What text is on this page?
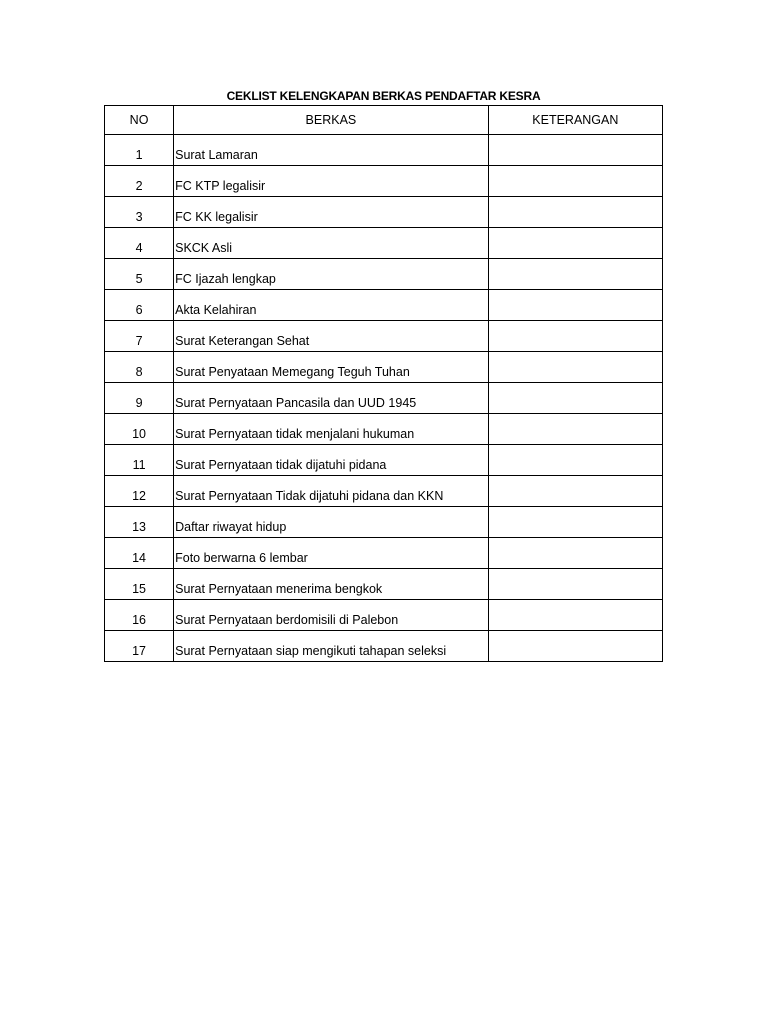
CEKLIST KELENGKAPAN BERKAS PENDAFTAR KESRA
NO	BERKAS	KETERANGAN
1	Surat Lamaran	
2	FC KTP legalisir	
3	FC KK legalisir	
4	SKCK Asli	
5	FC Ijazah lengkap	
6	Akta Kelahiran	
7	Surat Keterangan Sehat	
8	Surat Penyataan Memegang Teguh Tuhan	
9	Surat Pernyataan Pancasila dan UUD 1945	
10	Surat Pernyataan tidak menjalani hukuman	
11	Surat Pernyataan tidak dijatuhi pidana	
12	Surat Pernyataan Tidak dijatuhi pidana dan KKN	
13	Daftar riwayat hidup	
14	Foto berwarna 6 lembar	
15	Surat Pernyataan menerima bengkok	
16	Surat Pernyataan berdomisili di Palebon	
17	Surat Pernyataan siap mengikuti tahapan seleksi	
